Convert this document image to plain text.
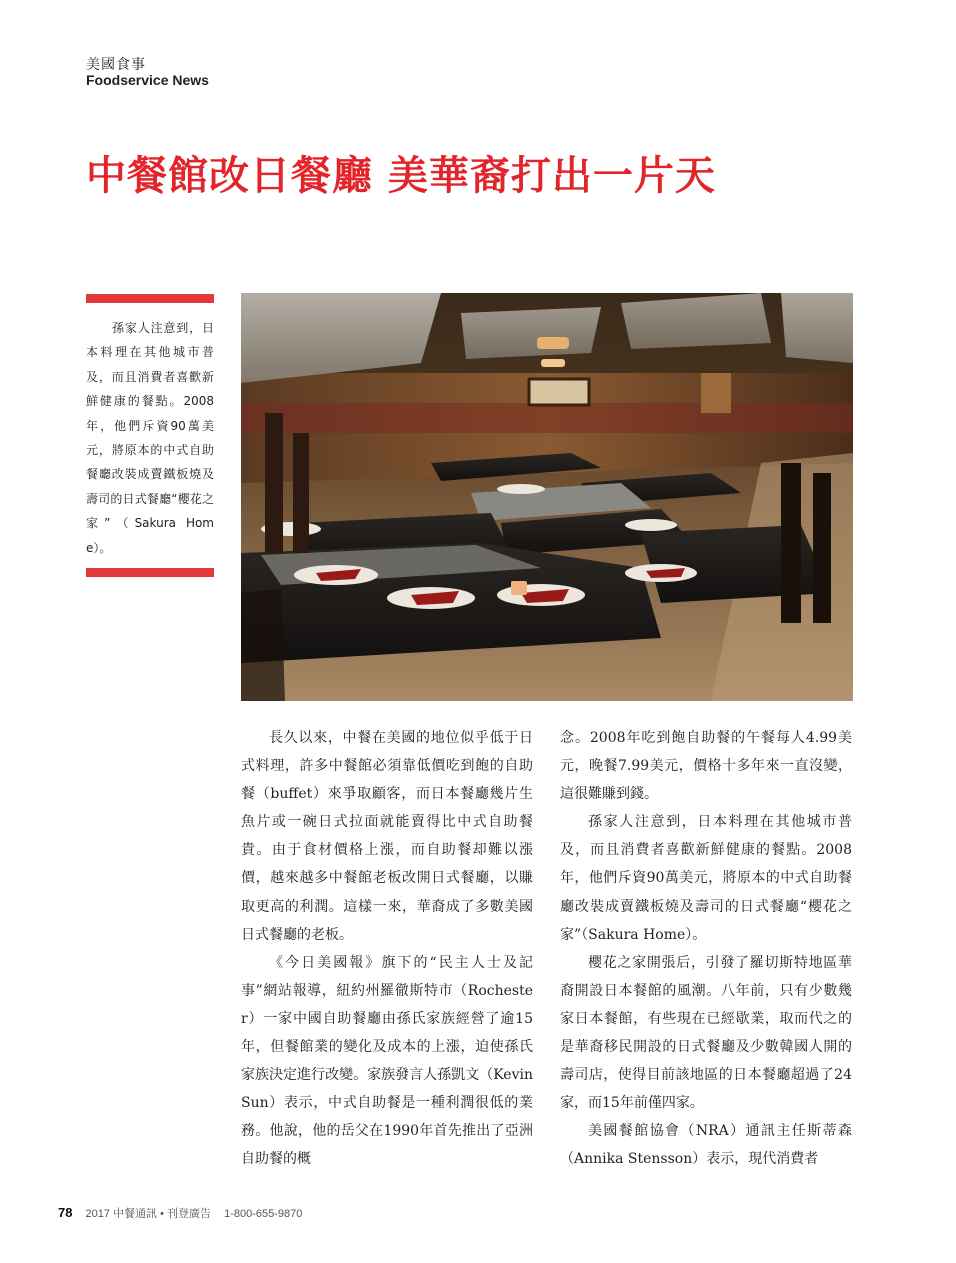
美國食事
Foodservice News
中餐館改日餐廳 美華裔打出一片天
孫家人注意到，日本料理在其他城市普及，而且消費者喜歡新鮮健康的餐點。2008年，他們斥資90萬美元，將原本的中式自助餐廳改裝成賣鐵板燒及壽司的日式餐廳“櫻花之家”（Sakura Home）。

長久以來，中餐在美國的地位似乎低于日式料理，許多中餐館必須靠低價吃到飽的自助餐（buffet）來爭取顧客，而日本餐廳幾片生魚片或一碗日式拉面就能賣得比中式自助餐貴。由于食材價格上漲，而自助餐却難以漲價，越來越多中餐館老板改開日式餐廳，以賺取更高的利潤。這樣一來，華裔成了多數美國日式餐廳的老板。

《今日美國報》旗下的“民主人士及記事”網站報導，紐約州羅徹斯特市（Rochester）一家中國自助餐廳由孫氏家族經營了逾15年，但餐館業的變化及成本的上漲，迫使孫氏家族決定進行改變。家族發言人孫凱文（Kevin Sun）表示，中式自助餐是一種利潤很低的業務。他說，他的岳父在1990年首先推出了亞洲自助餐的概

念。2008年吃到飽自助餐的午餐每人4.99美元，晚餐7.99美元，價格十多年來一直沒變，這很難賺到錢。

孫家人注意到，日本料理在其他城市普及，而且消費者喜歡新鮮健康的餐點。2008年，他們斥資90萬美元，將原本的中式自助餐廳改裝成賣鐵板燒及壽司的日式餐廳“櫻花之家”（Sakura Home）。

櫻花之家開張后，引發了羅切斯特地區華裔開設日本餐館的風潮。八年前，只有少數幾家日本餐館，有些現在已經歇業，取而代之的是華裔移民開設的日式餐廳及少數韓國人開的壽司店，使得目前該地區的日本餐廳超過了24家，而15年前僅四家。

美國餐館協會（NRA）通訊主任斯蒂森（Annika Stensson）表示，現代消費者

78 2017 中餐通訊 • 刊登廣告 1-800-655-9870
